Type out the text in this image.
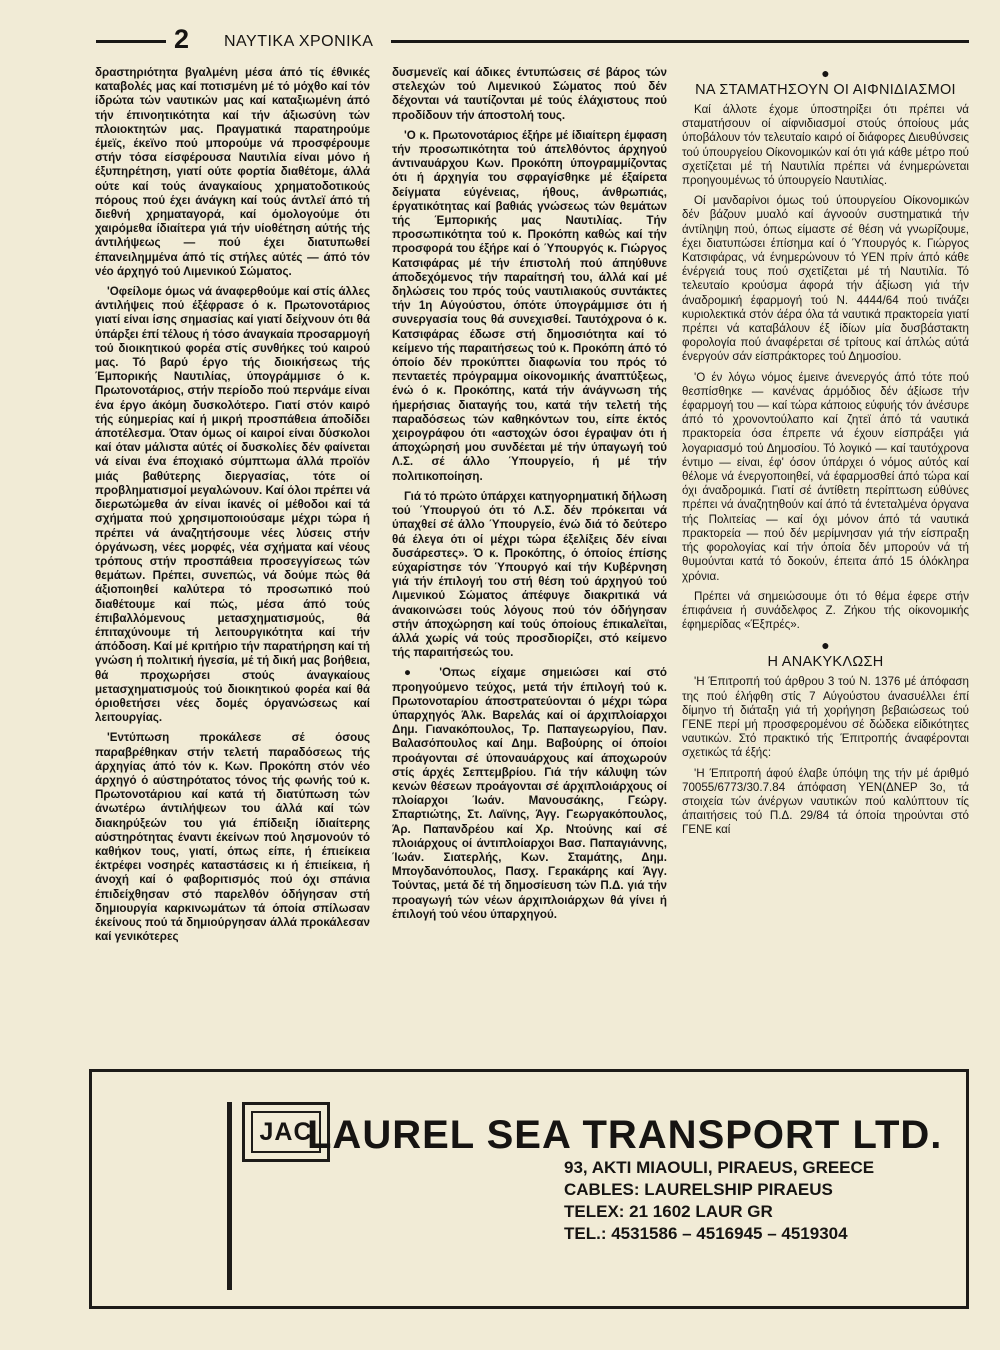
2 ΝΑΥΤΙΚΑ ΧΡΟΝΙΚΑ

δραστηριότητα βγαλμένη μέσα άπό τίς έθνικές καταβολές μας καί ποτισμένη μέ τό μόχθο καί τόν ίδρώτα τών ναυτικών μας καί καταξιωμένη άπό τήν έπινοητικότητα καί τήν άξιωσύνη τών πλοιοκτητών μας. Πραγματικά παρατηρούμε έμεϊς, έκεϊνο πού μπορούμε νά προσφέρουμε στήν τόσα είσφέρουσα Ναυτιλία είναι μόνο ή έξυπηρέτηση, γιατί ούτε φορτία διαθέτομε, άλλά ούτε καί τούς άναγκαίους χρηματοδοτικούς πόρους πού έχει άνάγκη καί τούς άντλεϊ άπό τή διεθνή χρηματαγορά, καί όμολογούμε ότι χαιρόμεθα ίδιαίτερα γιά τήν υίοθέτηση αύτής τής άντιλήψεως — πού έχει διατυπωθεί έπανειλημμένα άπό τίς στήλες αύτές — άπό τόν νέο άρχηγό τού Λιμενικού Σώματος.

'Οφείλομε όμως νά άναφερθούμε καί στίς άλλες άντιλήψεις πού έξέφρασε ό κ. Πρωτονοτάριος γιατί είναι ίσης σημασίας καί γιατί δείχνουν ότι θά ύπάρξει έπί τέλους ή τόσο άναγκαία προσαρμογή τού διοικητικού φορέα στίς συνθήκες τού καιρού μας. Τό βαρύ έργο τής διοικήσεως τής Έμπορικής Ναυτιλίας, ύπογράμμισε ό κ. Πρωτονοτάριος, στήν περίοδο πού περνάμε είναι ένα έργο άκόμη δυσκολότερο. Γιατί στόν καιρό τής εύημερίας καί ή μικρή προσπάθεια άποδίδει άποτέλεσμα. Όταν όμως οί καιροί είναι δύσκολοι καί όταν μάλιστα αύτές οί δυσκολίες δέν φαίνεται νά είναι ένα έποχιακό σύμπτωμα άλλά προϊόν μιάς βαθύτερης διεργασίας, τότε οί προβληματισμοί μεγαλώνουν. Καί όλοι πρέπει νά διερωτώμεθα άν είναι ίκανές οί μέθοδοι καί τά σχήματα πού χρησιμοποιούσαμε μέχρι τώρα ή πρέπει νά άναζητήσουμε νέες λύσεις στήν όργάνωση, νέες μορφές, νέα σχήματα καί νέους τρόπους στήν προσπάθεια προσεγγίσεως τών θεμάτων. Πρέπει, συνεπώς, νά δούμε πώς θά άξιοποιηθεί καλύτερα τό προσωπικό πού διαθέτουμε καί πώς, μέσα άπό τούς έπιβαλλόμενους μετασχηματισμούς, θά έπιταχύνουμε τή λειτουργικότητα καί τήν άπόδοση. Καί μέ κριτήριο τήν παρατήρηση καί τή γνώση ή πολιτική ήγεσία, μέ τή δική μας βοήθεια, θά προχωρήσει στούς άναγκαίους μετασχηματισμούς τού διοικητικού φορέα καί θά όριοθετήσει νέες δομές όργανώσεως καί λειτουργίας.

'Εντύπωση προκάλεσε σέ όσους παραβρέθηκαν στήν τελετή παραδόσεως τής άρχηγίας άπό τόν κ. Κων. Προκόπη στόν νέο άρχηγό ό αύστηρότατος τόνος τής φωνής τού κ. Πρωτονοτάριου καί κατά τή διατύπωση τών άνωτέρω άντιλήψεων του άλλά καί τών διακηρύξεών του γιά έπίδειξη ίδιαίτερης αύστηρότητας έναντι έκείνων πού λησμονούν τό καθήκον τους, γιατί, όπως είπε, ή έπιείκεια έκτρέφει νοσηρές καταστάσεις κι ή έπιείκεια, ή άνοχή καί ό φαβοριτισμός πού όχι σπάνια έπιδείχθησαν στό παρελθόν όδήγησαν στή δημιουργία καρκινωμάτων τά όποία σπίλωσαν έκείνους πού τά δημιούργησαν άλλά προκάλεσαν καί γενικότερες

δυσμενεϊς καί άδικες έντυπώσεις σέ βάρος τών στελεχών τού Λιμενικού Σώματος πού δέν δέχονται νά ταυτίζονται μέ τούς έλάχιστους πού προδίδουν τήν άποστολή τους.

'Ο κ. Πρωτονοτάριος έξήρε μέ ίδιαίτερη έμφαση τήν προσωπικότητα τού άπελθόντος άρχηγού άντιναυάρχου Κων. Προκόπη ύπογραμμίζοντας ότι ή άρχηγία του σφραγίσθηκε μέ έξαίρετα δείγματα εύγένειας, ήθους, άνθρωπιάς, έργατικότητας καί βαθιάς γνώσεως τών θεμάτων τής Έμπορικής μας Ναυτιλίας. Τήν προσωπικότητα τού κ. Προκόπη καθώς καί τήν προσφορά του έξήρε καί ό Ύπουργός κ. Γιώργος Κατσιφάρας μέ τήν έπιστολή πού άπηύθυνε άποδεχόμενος τήν παραίτησή του, άλλά καί μέ δηλώσεις του πρός τούς ναυτιλιακούς συντάκτες τήν 1η Αύγούστου, όπότε ύπογράμμισε ότι ή συνεργασία τους θά συνεχισθεί. Ταυτόχρονα ό κ. Κατσιφάρας έδωσε στή δημοσιότητα καί τό κείμενο τής παραιτήσεως τού κ. Προκόπη άπό τό όποίο δέν προκύπτει διαφωνία του πρός τό πενταετές πρόγραμμα οίκονομικής άναπτύξεως, ένώ ό κ. Προκόπης, κατά τήν άνάγνωση τής ήμερήσιας διαταγής του, κατά τήν τελετή τής παραδόσεως τών καθηκόντων του, είπε έκτός χειρογράφου ότι «αστοχών όσοι έγραψαν ότι ή άποχώρησή μου συνδέεται μέ τήν ύπαγωγή τού Λ.Σ. σέ άλλο Ύπουργείο, ή μέ τήν πολιτικοποίηση.

Γιά τό πρώτο ύπάρχει κατηγορηματική δήλωση τού Ύπουργού ότι τό Λ.Σ. δέν πρόκειται νά ύπαχθεί σέ άλλο Ύπουργείο, ένώ διά τό δεύτερο θά έλεγα ότι οί μέχρι τώρα έξελίξεις δέν είναι δυσάρεστες». Ό κ. Προκόπης, ό όποίος έπίσης εύχαρίστησε τόν Ύπουργό καί τήν Κυβέρνηση γιά τήν έπιλογή του στή θέση τού άρχηγού τού Λιμενικού Σώματος άπέφυγε διακριτικά νά άνακοινώσει τούς λόγους πού τόν όδήγησαν στήν άποχώρηση καί τούς όποίους έπικαλεϊται, άλλά χωρίς νά τούς προσδιορίζει, στό κείμενο τής παραιτήσεώς του.

● 'Οπως είχαμε σημειώσει καί στό προηγούμενο τεύχος, μετά τήν έπιλογή τού κ. Πρωτονοταρίου άποστρατεύονται ό μέχρι τώρα ύπαρχηγός Άλκ. Βαρελάς καί οί άρχιπλοίαρχοι Δημ. Γιανακόπουλος, Τρ. Παπαγεωργίου, Παν. Βαλασόπουλος καί Δημ. Βαβούρης οί όποίοι προάγονται σέ ύποναυάρχους καί άποχωρούν στίς άρχές Σεπτεμβρίου. Γιά τήν κάλυψη τών κενών θέσεων προάγονται σέ άρχιπλοιάρχους οί πλοίαρχοι Ίωάν. Μανουσάκης, Γεώργ. Σπαρτιώτης, Στ. Λαϊνης, Άγγ. Γεωργακόπουλος, Άρ. Παπανδρέου καί Χρ. Ντούνης καί σέ πλοιάρχους οί άντιπλοίαρχοι Βασ. Παπαγιάννης, Ίωάν. Σιατερλής, Κων. Σταμάτης, Δημ. Μπογδανόπουλος, Πασχ. Γερακάρης καί Άγγ. Τούντας, μετά δέ τή δημοσίευση τών Π.Δ. γιά τήν προαγωγή τών νέων άρχιπλοιάρχων θά γίνει ή έπιλογή τού νέου ύπαρχηγού.

●
ΝΑ ΣΤΑΜΑΤΗΣΟΥΝ ΟΙ ΑΙΦΝΙΔΙΑΣΜΟΙ

Καί άλλοτε έχομε ύποστηρίξει ότι πρέπει νά σταματήσουν οί αίφνιδιασμοί στούς όποίους μάς ύποβάλουν τόν τελευταίο καιρό οί διάφορες Διευθύνσεις τού ύπουργείου Οίκονομικών καί ότι γιά κάθε μέτρο πού σχετίζεται μέ τή Ναυτιλία πρέπει νά ένημερώνεται προηγουμένως τό ύπουργείο Ναυτιλίας.

Οί μανδαρίνοι όμως τού ύπουργείου Οίκονομικών δέν βάζουν μυαλό καί άγνοούν συστηματικά τήν άντίληψη πού, όπως είμαστε σέ θέση νά γνωρίζουμε, έχει διατυπώσει έπίσημα καί ό Ύπουργός κ. Γιώργος Κατσιφάρας, νά ένημερώνουν τό ΥΕΝ πρίν άπό κάθε ένέργειά τους πού σχετίζεται μέ τή Ναυτιλία. Τό τελευταίο κρούσμα άφορά τήν άξίωση γιά τήν άναδρομική έφαρμογή τού Ν. 4444/64 πού τινάζει κυριολεκτικά στόν άέρα όλα τά ναυτικά πρακτορεία γιατί πρέπει νά καταβάλουν έξ ίδίων μία δυσβάστακτη φορολογία πού άναφέρεται σέ τρίτους καί άπλώς αύτά ένεργούν σάν είσπράκτορες τού Δημοσίου.

'Ο έν λόγω νόμος έμεινε άνενεργός άπό τότε πού θεσπίσθηκε — κανένας άρμόδιος δέν άξίωσε τήν έφαρμογή του — καί τώρα κάποιος εύφυής τόν άνέσυρε άπό τό χρονοντούλαπο καί ζητεϊ άπό τά ναυτικά πρακτορεία όσα έπρεπε νά έχουν είσπράξει γιά λογαριασμό τού Δημοσίου. Τό λογικό — καί ταυτόχρονα έντιμο — είναι, έφ' όσον ύπάρχει ό νόμος αύτός καί θέλομε νά ένεργοποιηθεί, νά έφαρμοσθεί άπό τώρα καί όχι άναδρομικά. Γιατί σέ άντίθετη περίπτωση εύθύνες πρέπει νά άναζητηθούν καί άπό τά έντεταλμένα όργανα τής Πολιτείας — καί όχι μόνον άπό τά ναυτικά πρακτορεία — πού δέν μερίμνησαν γιά τήν είσπραξη τής φορολογίας καί τήν όποία δέν μπορούν νά τή θυμούνται κατά τό δοκούν, έπειτα άπό 15 όλόκληρα χρόνια.

Πρέπει νά σημειώσουμε ότι τό θέμα έφερε στήν έπιφάνεια ή συνάδελφος Ζ. Ζήκου τής οίκονομικής έφημερίδας «Έξπρές».

●
Η ΑΝΑΚΥΚΛΩΣΗ

'Η Έπιτροπή τού άρθρου 3 τού Ν. 1376 μέ άπόφαση της πού έλήφθη στίς 7 Αύγούστου άνασυέλλει έπί δίμηνο τή διάταξη γιά τή χορήγηση βεβαιώσεως τού ΓΕΝΕ περί μή προσφερομένου σέ δώδεκα είδικότητες ναυτικών. Στό πρακτικό τής Έπιτροπής άναφέρονται σχετικώς τά έξής:

'Η Έπιτροπή άφού έλαβε ύπόψη της τήν μέ άριθμό 70055/6773/30.7.84 άπόφαση ΥΕΝ(ΔΝΕΡ 3ο, τά στοιχεία τών άνέργων ναυτικών πού καλύπτουν τίς άπαιτήσεις τού Π.Δ. 29/84 τά όποία τηρούνται στό ΓΕΝΕ καί

JAC
LAUREL SEA TRANSPORT LTD.
93, AKTI MIAOULI, PIRAEUS, GREECE
CABLES: LAURELSHIP PIRAEUS
TELEX: 21 1602 LAUR GR
TEL.: 4531586 – 4516945 – 4519304
